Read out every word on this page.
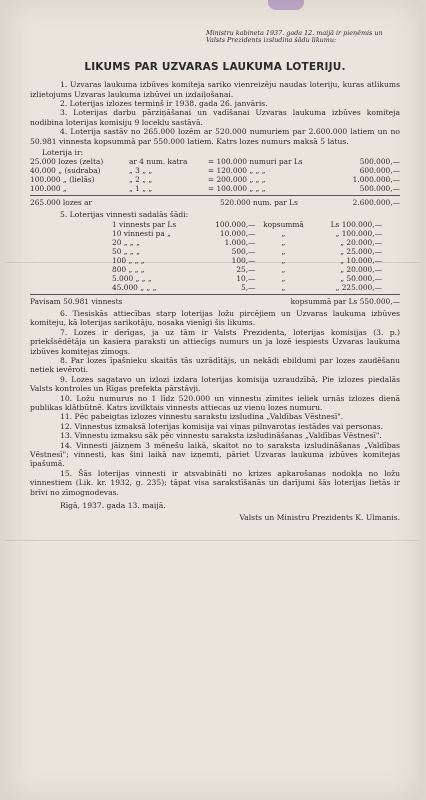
Ministru kabineta 1937. gada 12. maijā ir pieņēmis un Valsts Prezidents izsludina šādu likumu:
LIKUMS PAR UZVARAS LAUKUMA LOTERIJU.

1. Uzvaras laukuma izbūves komiteja sariko vienreizēju naudas loteriju, kuras atlikums izlietojums Uzvaras laukuma izbūvei un izdaiļošanai.

2. Loterijas izlozes termiņš ir 1938. gada 26. janvāris.

3. Loterijas darbu pārziņāšanai un vadīšanai Uzvaras laukuma izbūves komiteja nodibina loterijas komisiju 9 locekļu sastāvā.

4. Loterija sastāv no 265.000 lozēm ar 520.000 numuriem par 2.600.000 latiem un no 50.981 vinnesta kopsummā par 550.000 latiem. Katrs lozes numurs maksā 5 latus.

Loterija ir:
25.000 lozes (zelta)	ar 4 num. katra	= 100.000 numuri par Ls	500.000,—
40.000 „ (sudraba)	„ 3 „ „	= 120.000 „ „ „	600.000,—
100.000 „ (lielās)	„ 2 „ „	= 200.000 „ „ „	1.000.000,—
100.000 „	„ 1 „ „	= 100.000 „ „ „	500.000,—
265.000 lozes ar		520.000 num. par Ls	2.600.000,—

5. Loterijas vinnesti sadalās šādi:

1 vinnests par Ls	100.000,—	kopsummā	Ls 100.000,—
10 vinnesti pa „	10.000,—	„	„ 100.000,—
20 „ „ „	1.000,—	„	„ 20.000,—
50 „ „ „	500,—	„	„ 25.000,—
100 „ „ „	100,—	„	„ 10.000,—
800 „ „ „	25,—	„	„ 20.000,—
5.000 „ „ „	10,—	„	„ 50.000,—
45.000 „ „ „	5,—	„	„ 225.000,—
Pavisam 50.981 vinnests	kopsummā par Ls 550.000,—

6. Tiesiskās attiecības starp loterijas ložu pircējiem un Uzvaras laukuma izbūves komiteju, kā loterijas sarikotāju, nosaka vienīgi šis likums.

7. Lozes ir derīgas, ja uz tām ir Valsts Prezidenta, loterijas komisijas (3. p.) priekšsēdētāja un kasiera paraksti un attiecīgs numurs un ja lozē iespiests Uzvaras laukuma izbūves komitejas zīmogs.

8. Par lozes īpašnieku skaitās tās uzrādītājs, un nekādi ebildumi par lozes zaudēšanu netiek ievēroti.

9. Lozes sagatavo un izlozi izdara loterijas komisija uzraudzībā. Pie izlozes piedalās Valsts kontroles un Rīgas prefekta pārstāvji.

10. Ložu numurus no 1 līdz 520.000 un vinnestu zīmites ieliek urnās izlozes dienā publikas klātbūtnē. Katrs izvilktais vinnests attiecas uz vienu lozes numuru.

11. Pēc pabeigtas izlozes vinnestu sarakstu izsludina „Valdības Vēstnesī".

12. Vinnestus izmaksā loterijas komisija vai viņas pilnvarotas iestādes vai personas.

13. Vinnestu izmaksu sāk pēc vinnestu saraksta izsludināšanas „Valdības Vēstnesī".

14. Vinnesti jāizņem 3 mēnešu laikā, skaitot no to saraksta izsludināšanas „Valdības Vēstnesī"; vinnesti, kas šini laikā nav izņemti, pāriet Uzvaras laukuma izbūves komitejas īpašumā.

15. Šās loterijas vinnesti ir atsvabināti no krizes apkarošanas nodokļa no ložu vinnestiem (Lik. kr. 1932, g. 235); tāpat visa sarakstīšanās un darījumi šās loterijas lietās ir brīvi no zīmognodevas.

Rīgā, 1937. gada 13. maijā.
Valsts un Ministru Prezidents K. Ulmanis.
